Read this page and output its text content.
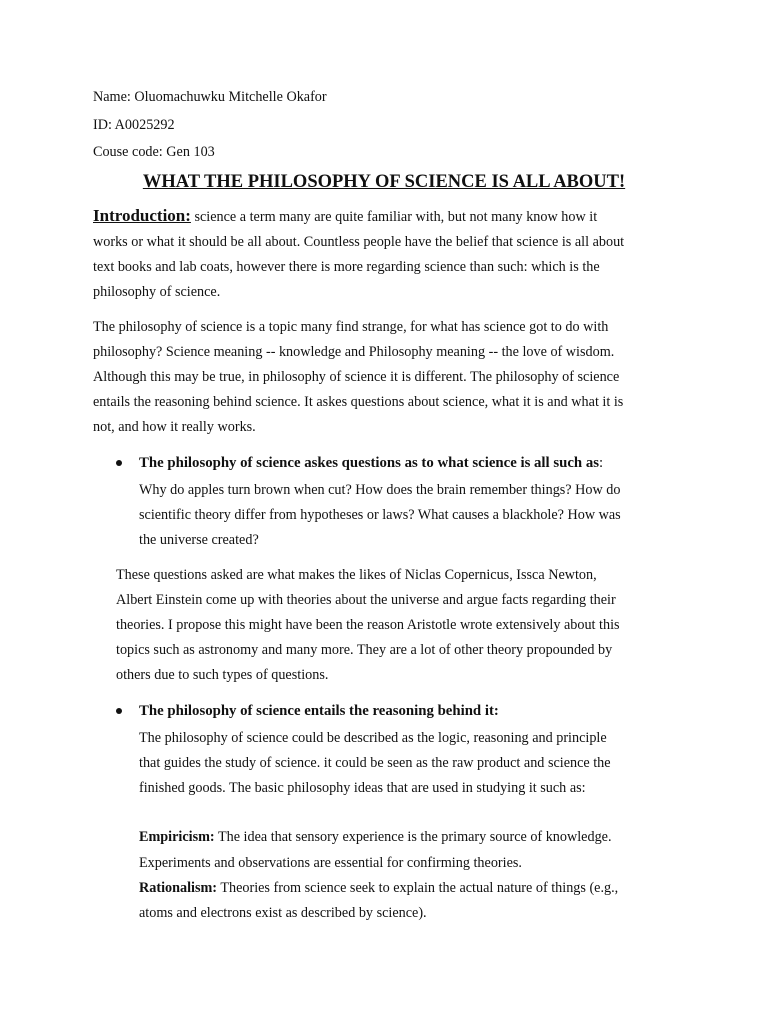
Name: Oluomachuwku Mitchelle Okafor
ID: A0025292
Couse code: Gen 103
WHAT THE PHILOSOPHY OF SCIENCE IS ALL ABOUT!
Introduction: science a term many are quite familiar with, but not many know how it
works or what it should be all about. Countless people have the belief that science is all about
text books and lab coats, however there is more regarding science than such: which is the
philosophy of science.
The philosophy of science is a topic many find strange, for what has science got to do with
philosophy? Science meaning -- knowledge and Philosophy meaning -- the love of wisdom.
Although this may be true, in philosophy of science it is different. The philosophy of science
entails the reasoning behind science. It askes questions about science, what it is and what it is
not, and how it really works.
The philosophy of science askes questions as to what science is all such as:
Why do apples turn brown when cut? How does the brain remember things? How do
scientific theory differ from hypotheses or laws? What causes a blackhole? How was
the universe created?
These questions asked are what makes the likes of Niclas Copernicus, Issca Newton,
Albert Einstein come up with theories about the universe and argue facts regarding their
theories. I propose this might have been the reason Aristotle wrote extensively about this
topics such as astronomy and many more. They are a lot of other theory propounded by
others due to such types of questions.
The philosophy of science entails the reasoning behind it:
The philosophy of science could be described as the logic, reasoning and principle
that guides the study of science. it could be seen as the raw product and science the
finished goods. The basic philosophy ideas that are used in studying it such as:
Empiricism: The idea that sensory experience is the primary source of knowledge.
Experiments and observations are essential for confirming theories.
Rationalism: Theories from science seek to explain the actual nature of things (e.g.,
atoms and electrons exist as described by science).
